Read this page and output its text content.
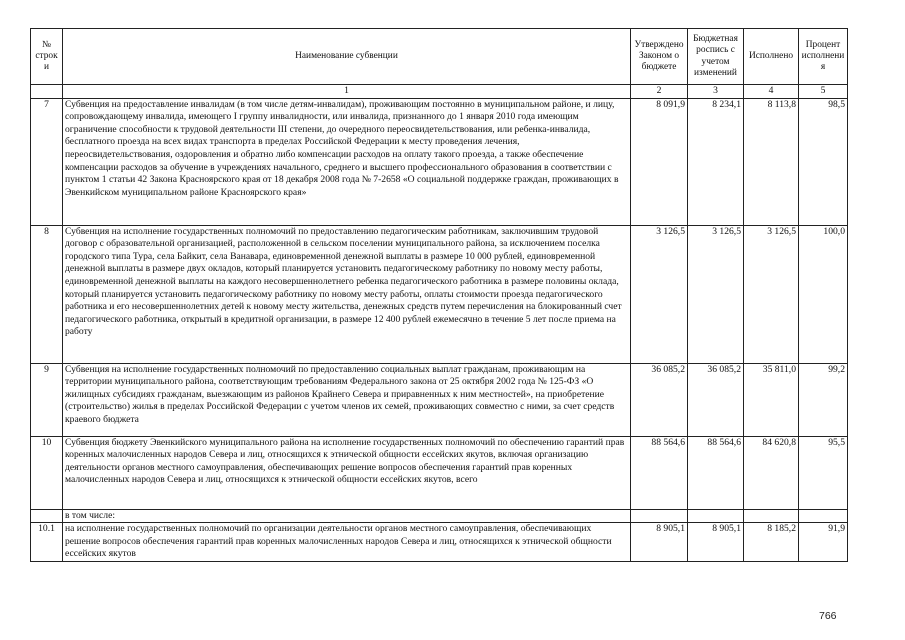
№ строки	Наименование субвенции	Утверждено Законом о бюджете	Бюджетная роспись с учетом изменений	Исполнено	Процент исполнения
	1	2	3	4	5
7	Субвенция на предоставление инвалидам (в том числе детям-инвалидам), проживающим постоянно в муниципальном районе, и лицу, сопровождающему инвалида, имеющего I группу инвалидности, или инвалида, признанного до 1 января 2010 года имеющим ограничение способности к трудовой деятельности III степени, до очередного переосвидетельствования, или ребенка-инвалида, бесплатного проезда на всех видах транспорта в пределах Российской Федерации к месту проведения лечения, переосвидетельствования, оздоровления и обратно либо компенсации расходов на оплату такого проезда, а также обеспечение компенсации расходов за обучение в учреждениях начального, среднего и высшего профессионального образования в соответствии с пунктом 1 статьи 42 Закона Красноярского края от 18 декабря 2008 года № 7-2658 «О социальной поддержке граждан, проживающих в Эвенкийском муниципальном районе Красноярского края»	8 091,9	8 234,1	8 113,8	98,5
8	Субвенция на исполнение государственных полномочий по предоставлению педагогическим работникам, заключившим трудовой договор с образовательной организацией, расположенной в сельском поселении муниципального района, за исключением поселка городского типа Тура, села Байкит, села Ванавара, единовременной денежной выплаты в размере 10 000 рублей, единовременной денежной выплаты в размере двух окладов, который планируется установить педагогическому работнику по новому месту работы, единовременной денежной выплаты на каждого несовершеннолетнего ребенка педагогического работника в размере половины оклада, который планируется установить педагогическому работнику по новому месту работы, оплаты стоимости проезда педагогического работника и его несовершеннолетних детей к новому месту жительства, денежных средств путем перечисления на блокированный счет педагогического работника, открытый в кредитной организации, в размере 12 400 рублей ежемесячно в течение 5 лет после приема на работу	3 126,5	3 126,5	3 126,5	100,0
9	Субвенция на исполнение государственных полномочий по предоставлению социальных выплат гражданам, проживающим на территории муниципального района, соответствующим требованиям Федерального закона от 25 октября 2002 года № 125-ФЗ «О жилищных субсидиях гражданам, выезжающим из районов Крайнего Севера и приравненных к ним местностей», на приобретение (строительство) жилья в пределах Российской Федерации с учетом членов их семей, проживающих совместно с ними, за счет средств краевого бюджета	36 085,2	36 085,2	35 811,0	99,2
10	Субвенция бюджету Эвенкийского муниципального района на исполнение государственных полномочий по обеспечению гарантий прав коренных малочисленных народов Севера и лиц, относящихся к этнической общности ессейских якутов, включая организацию деятельности органов местного самоуправления, обеспечивающих решение вопросов обеспечения гарантий прав коренных малочисленных народов Севера и лиц, относящихся к этнической общности ессейских якутов, всего	88 564,6	88 564,6	84 620,8	95,5
	в том числе:				
10.1	на исполнение государственных полномочий по организации деятельности органов местного самоуправления, обеспечивающих решение вопросов обеспечения гарантий прав коренных малочисленных народов Севера и лиц, относящихся к этнической общности ессейских якутов	8 905,1	8 905,1	8 185,2	91,9
766
